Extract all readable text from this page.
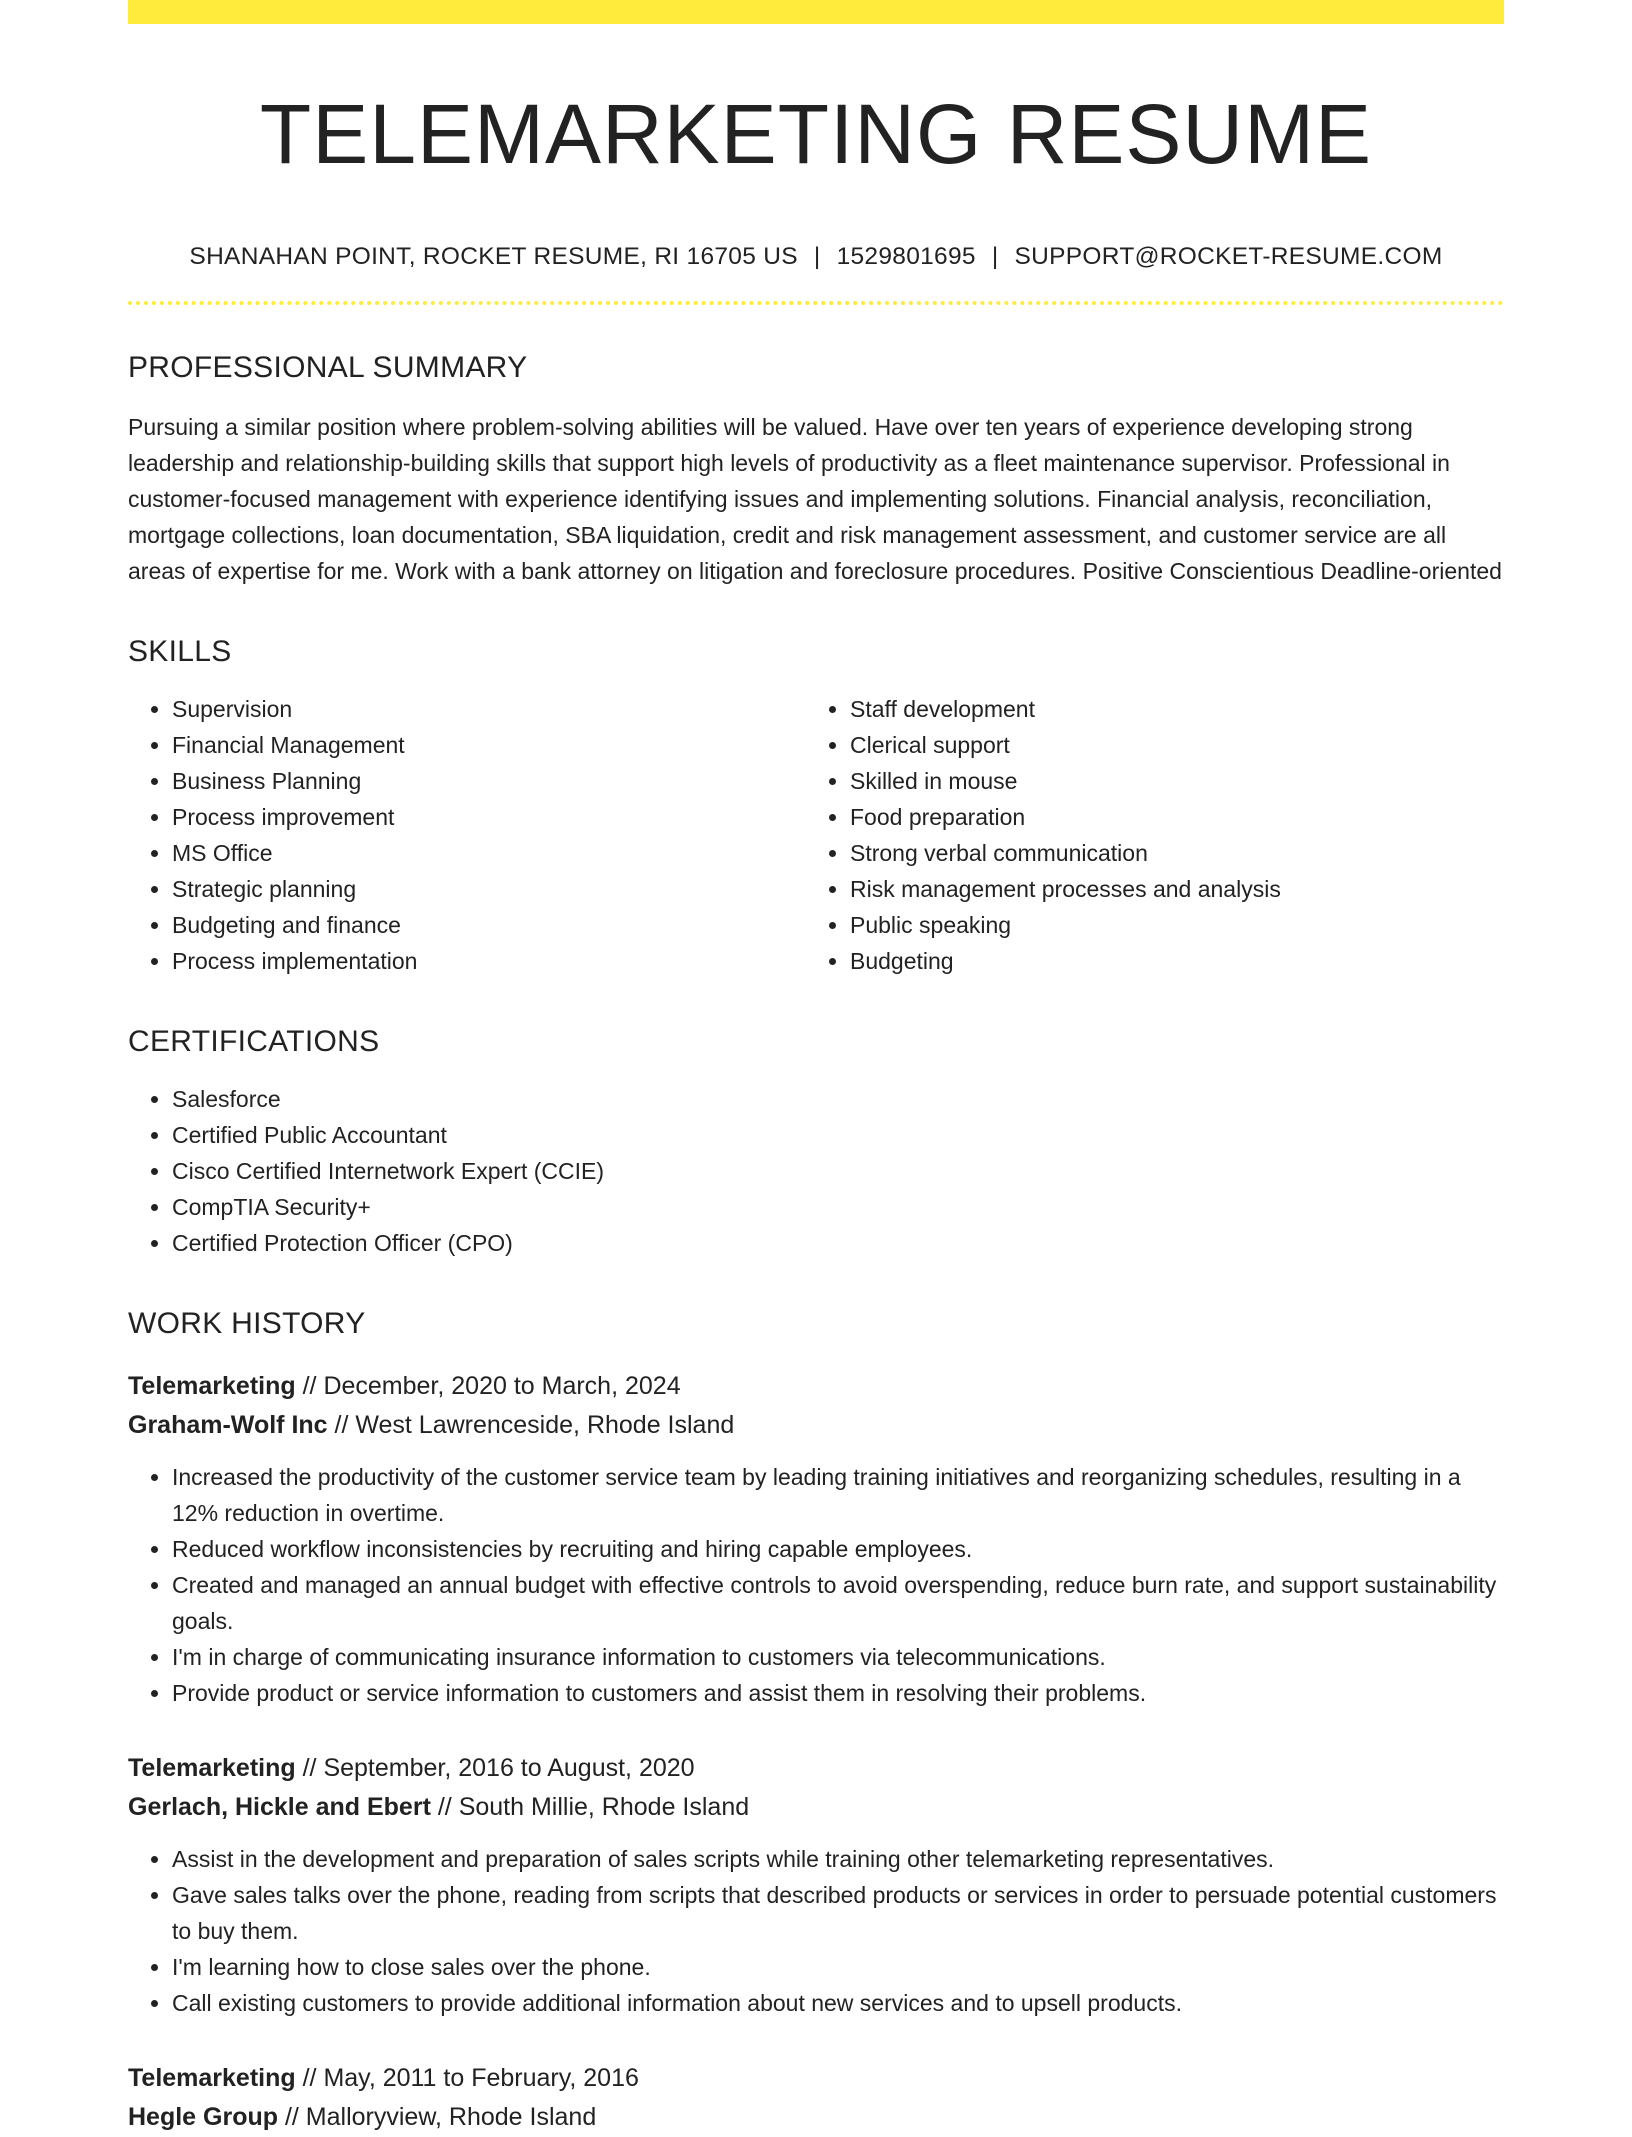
TELEMARKETING RESUME
SHANAHAN POINT, ROCKET RESUME, RI 16705 US | 1529801695 | SUPPORT@ROCKET-RESUME.COM
PROFESSIONAL SUMMARY

Pursuing a similar position where problem-solving abilities will be valued. Have over ten years of experience developing strong leadership and relationship-building skills that support high levels of productivity as a fleet maintenance supervisor. Professional in customer-focused management with experience identifying issues and implementing solutions. Financial analysis, reconciliation, mortgage collections, loan documentation, SBA liquidation, credit and risk management assessment, and customer service are all areas of expertise for me. Work with a bank attorney on litigation and foreclosure procedures. Positive Conscientious Deadline-oriented

SKILLS
• Supervision
• Financial Management
• Business Planning
• Process improvement
• MS Office
• Strategic planning
• Budgeting and finance
• Process implementation
• Staff development
• Clerical support
• Skilled in mouse
• Food preparation
• Strong verbal communication
• Risk management processes and analysis
• Public speaking
• Budgeting
CERTIFICATIONS
• Salesforce
• Certified Public Accountant
• Cisco Certified Internetwork Expert (CCIE)
• CompTIA Security+
• Certified Protection Officer (CPO)
WORK HISTORY
Telemarketing // December, 2020 to March, 2024
Graham-Wolf Inc // West Lawrenceside, Rhode Island
• Increased the productivity of the customer service team by leading training initiatives and reorganizing schedules, resulting in a 12% reduction in overtime.
• Reduced workflow inconsistencies by recruiting and hiring capable employees.
• Created and managed an annual budget with effective controls to avoid overspending, reduce burn rate, and support sustainability goals.
• I'm in charge of communicating insurance information to customers via telecommunications.
• Provide product or service information to customers and assist them in resolving their problems.
Telemarketing // September, 2016 to August, 2020
Gerlach, Hickle and Ebert // South Millie, Rhode Island
• Assist in the development and preparation of sales scripts while training other telemarketing representatives.
• Gave sales talks over the phone, reading from scripts that described products or services in order to persuade potential customers to buy them.
• I'm learning how to close sales over the phone.
• Call existing customers to provide additional information about new services and to upsell products.
Telemarketing // May, 2011 to February, 2016
Hegle Group // Malloryview, Rhode Island
